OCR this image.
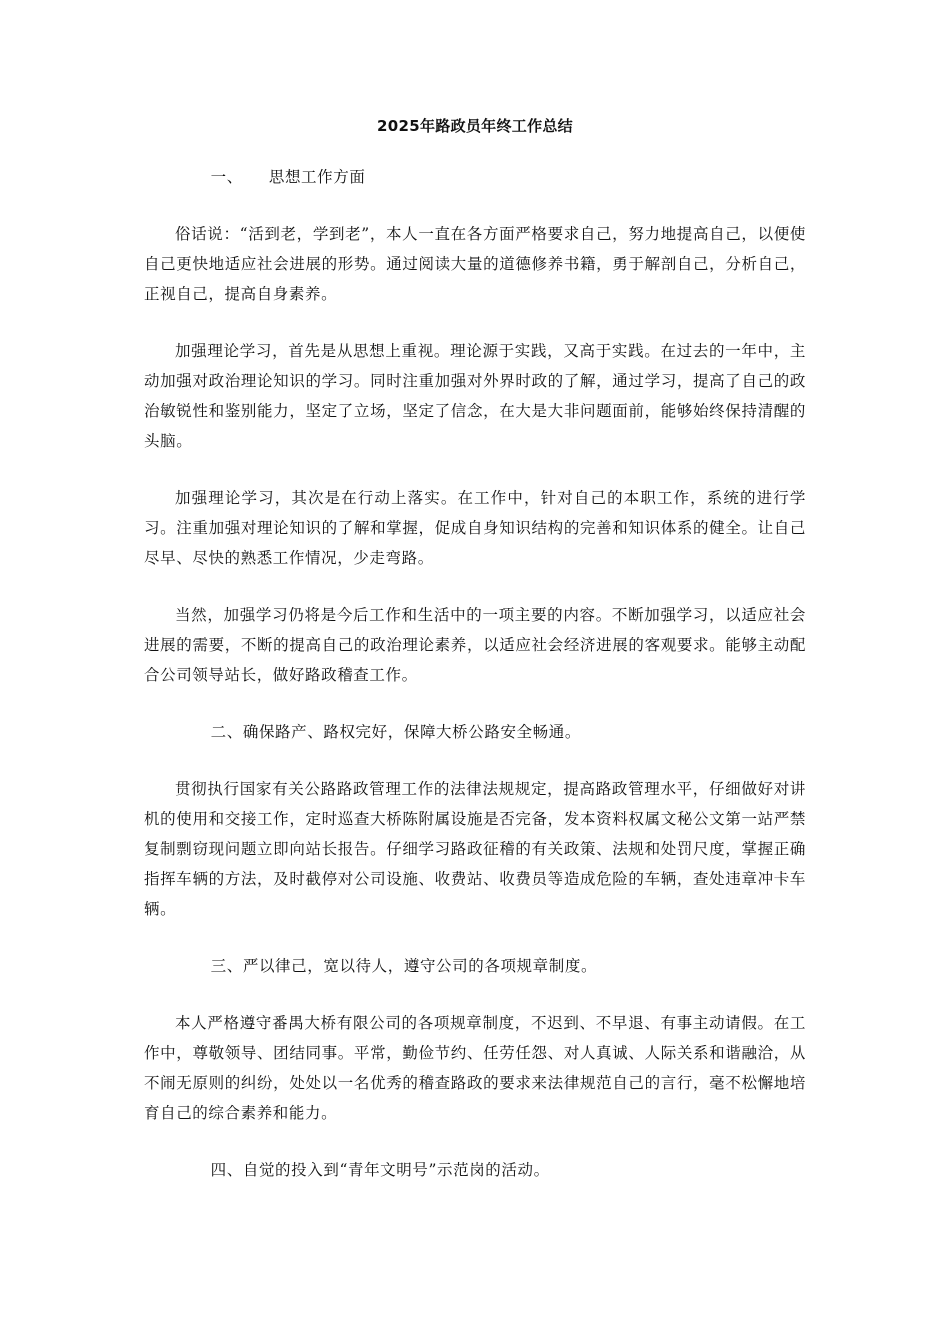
2025年路政员年终工作总结
一、 思想工作方面

俗话说：“活到老，学到老”，本人一直在各方面严格要求自己，努力地提高自己，以便使自己更快地适应社会进展的形势。通过阅读大量的道德修养书籍，勇于解剖自己，分析自己，正视自己，提高自身素养。

加强理论学习，首先是从思想上重视。理论源于实践，又高于实践。在过去的一年中，主动加强对政治理论知识的学习。同时注重加强对外界时政的了解，通过学习，提高了自己的政治敏锐性和鉴别能力，坚定了立场，坚定了信念，在大是大非问题面前，能够始终保持清醒的头脑。

加强理论学习，其次是在行动上落实。在工作中，针对自己的本职工作，系统的进行学习。注重加强对理论知识的了解和掌握，促成自身知识结构的完善和知识体系的健全。让自己尽早、尽快的熟悉工作情况，少走弯路。

当然，加强学习仍将是今后工作和生活中的一项主要的内容。不断加强学习，以适应社会进展的需要，不断的提高自己的政治理论素养，以适应社会经济进展的客观要求。能够主动配合公司领导站长，做好路政稽查工作。

二、确保路产、路权完好，保障大桥公路安全畅通。

贯彻执行国家有关公路路政管理工作的法律法规规定，提高路政管理水平，仔细做好对讲机的使用和交接工作，定时巡查大桥陈附属设施是否完备，发本资料权属文秘公文第一站严禁复制剽窃现问题立即向站长报告。仔细学习路政征稽的有关政策、法规和处罚尺度，掌握正确指挥车辆的方法，及时截停对公司设施、收费站、收费员等造成危险的车辆，查处违章冲卡车辆。

三、严以律己，宽以待人，遵守公司的各项规章制度。

本人严格遵守番禺大桥有限公司的各项规章制度，不迟到、不早退、有事主动请假。在工作中，尊敬领导、团结同事。平常，勤俭节约、任劳任怨、对人真诚、人际关系和谐融洽，从不闹无原则的纠纷，处处以一名优秀的稽查路政的要求来法律规范自己的言行，毫不松懈地培育自己的综合素养和能力。

四、自觉的投入到“青年文明号”示范岗的活动。
